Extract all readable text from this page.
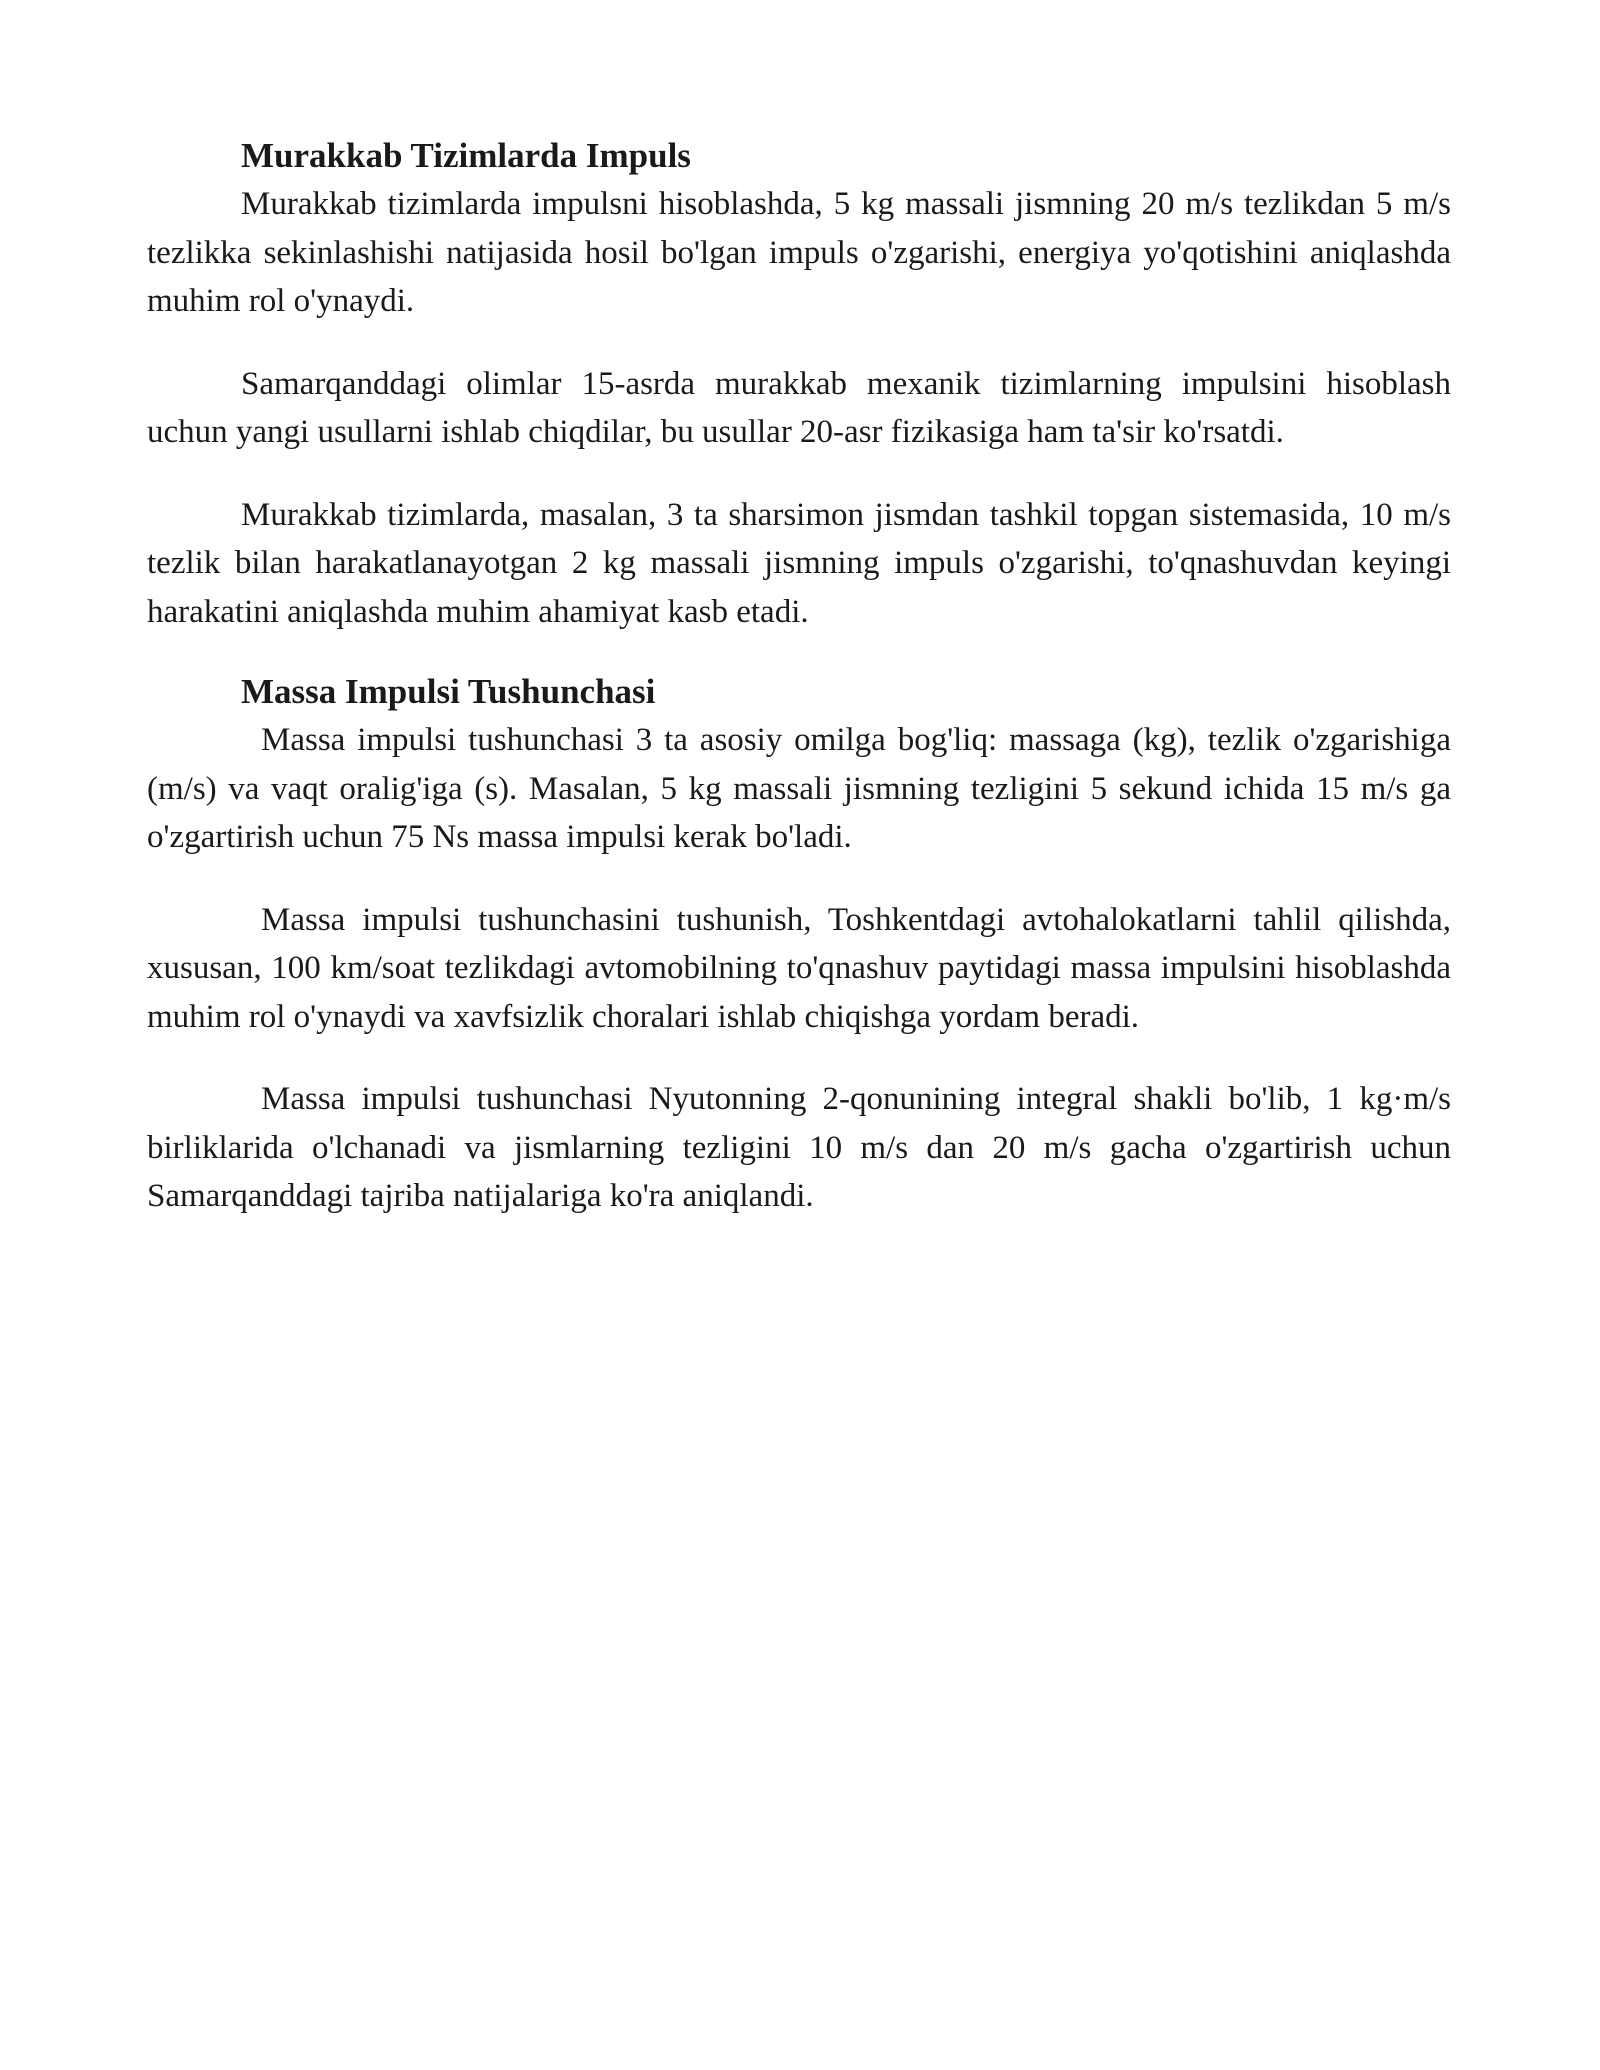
Murakkab Tizimlarda Impuls

Murakkab tizimlarda impulsni hisoblashda, 5 kg massali jismning 20 m/s tezlikdan 5 m/s tezlikka sekinlashishi natijasida hosil bo'lgan impuls o'zgarishi, energiya yo'qotishini aniqlashda muhim rol o'ynaydi.

Samarqanddagi olimlar 15-asrda murakkab mexanik tizimlarning impulsini hisoblash uchun yangi usullarni ishlab chiqdilar, bu usullar 20-asr fizikasiga ham ta'sir ko'rsatdi.

Murakkab tizimlarda, masalan, 3 ta sharsimon jismdan tashkil topgan sistemasida, 10 m/s tezlik bilan harakatlanayotgan 2 kg massali jismning impuls o'zgarishi, to'qnashuvdan keyingi harakatini aniqlashda muhim ahamiyat kasb etadi.

Massa Impulsi Tushunchasi

Massa impulsi tushunchasi 3 ta asosiy omilga bog'liq: massaga (kg), tezlik o'zgarishiga (m/s) va vaqt oralig'iga (s). Masalan, 5 kg massali jismning tezligini 5 sekund ichida 15 m/s ga o'zgartirish uchun 75 Ns massa impulsi kerak bo'ladi.

Massa impulsi tushunchasini tushunish, Toshkentdagi avtohalokatlarni tahlil qilishda, xususan, 100 km/soat tezlikdagi avtomobilning to'qnashuv paytidagi massa impulsini hisoblashda muhim rol o'ynaydi va xavfsizlik choralari ishlab chiqishga yordam beradi.

Massa impulsi tushunchasi Nyutonning 2-qonunining integral shakli bo'lib, 1 kg·m/s birliklarida o'lchanadi va jismlarning tezligini 10 m/s dan 20 m/s gacha o'zgartirish uchun Samarqanddagi tajriba natijalariga ko'ra aniqlandi.
